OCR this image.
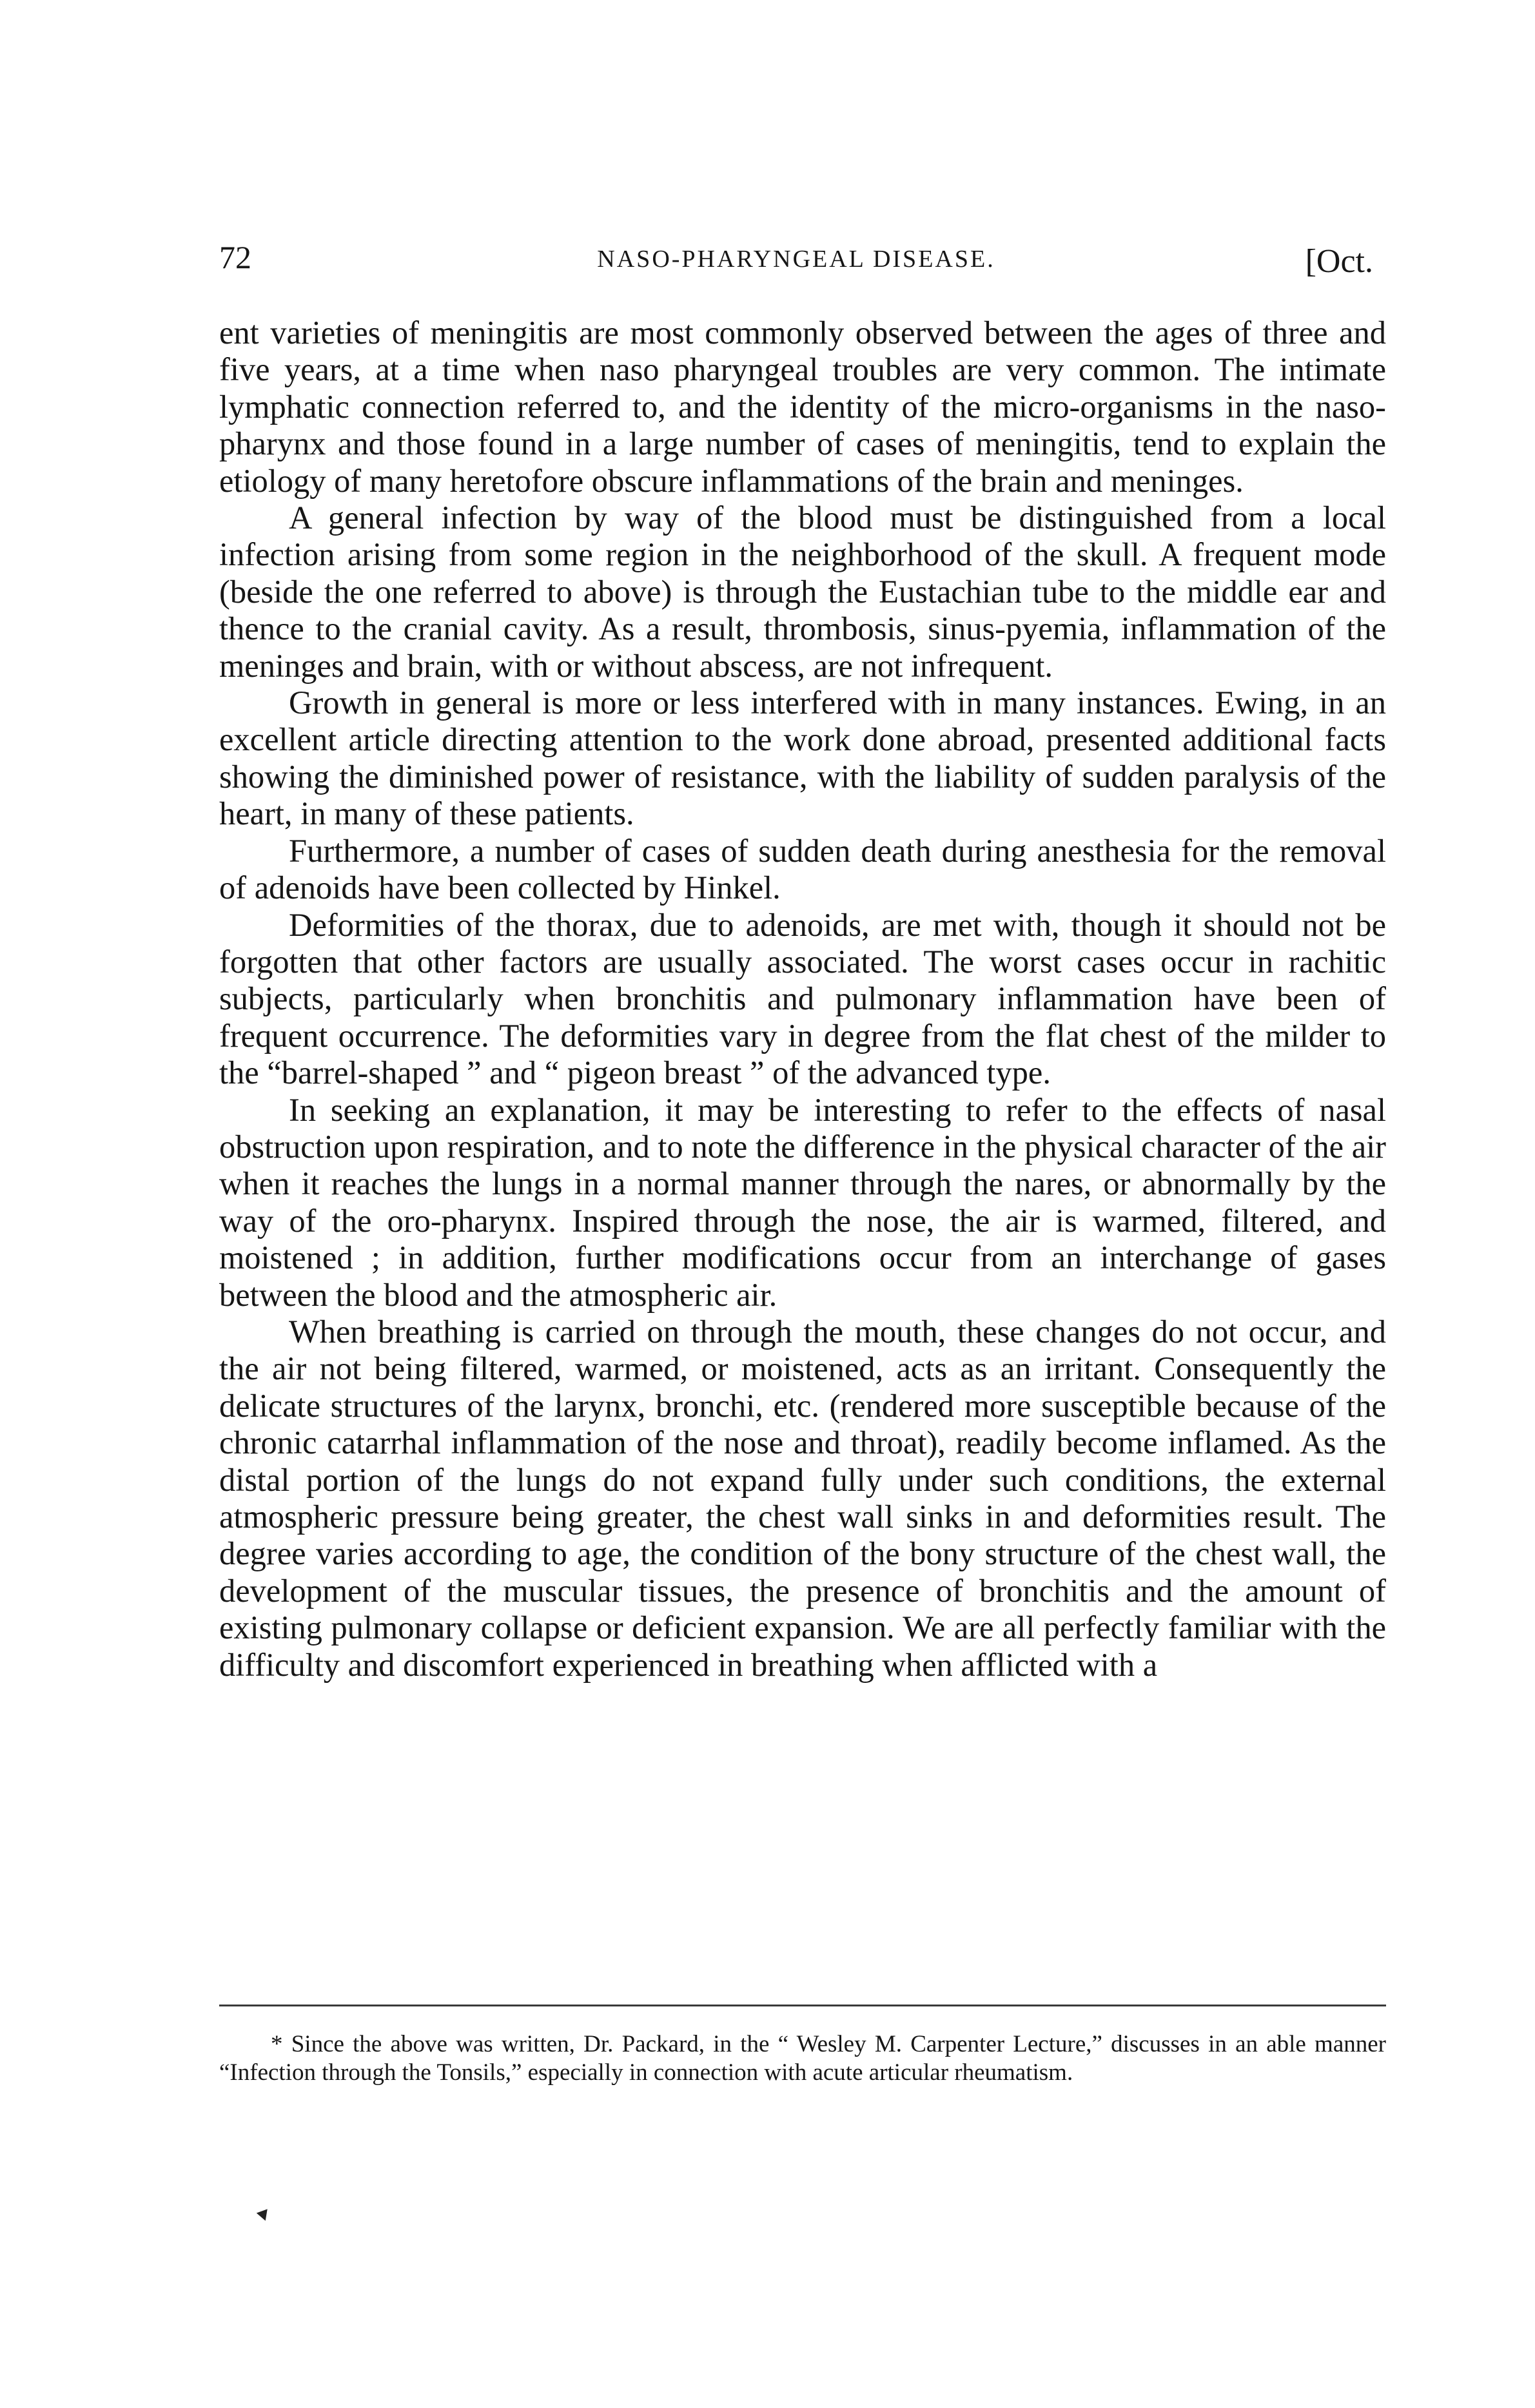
72	NASO-PHARYNGEAL DISEASE.	[Oct.

ent varieties of meningitis are most commonly observed between the ages of three and five years, at a time when naso pharyngeal troubles are very common. The intimate lymphatic connection referred to, and the identity of the micro-organisms in the naso-pharynx and those found in a large number of cases of meningitis, tend to explain the etiology of many heretofore obscure inflammations of the brain and meninges.

A general infection by way of the blood must be distinguished from a local infection arising from some region in the neighborhood of the skull. A frequent mode (beside the one referred to above) is through the Eustachian tube to the middle ear and thence to the cranial cavity. As a result, thrombosis, sinus-pyemia, inflammation of the meninges and brain, with or without abscess, are not infrequent.

Growth in general is more or less interfered with in many instances. Ewing, in an excellent article directing attention to the work done abroad, presented additional facts showing the diminished power of resistance, with the liability of sudden paralysis of the heart, in many of these patients.

Furthermore, a number of cases of sudden death during anesthesia for the removal of adenoids have been collected by Hinkel.

Deformities of the thorax, due to adenoids, are met with, though it should not be forgotten that other factors are usually associated. The worst cases occur in rachitic subjects, particularly when bronchitis and pulmonary inflammation have been of frequent occurrence. The deformities vary in degree from the flat chest of the milder to the “barrel-shaped ” and “ pigeon breast ” of the advanced type.

In seeking an explanation, it may be interesting to refer to the effects of nasal obstruction upon respiration, and to note the difference in the physical character of the air when it reaches the lungs in a normal manner through the nares, or abnormally by the way of the oro-pharynx. Inspired through the nose, the air is warmed, filtered, and moistened ; in addition, further modifications occur from an interchange of gases between the blood and the atmospheric air.

When breathing is carried on through the mouth, these changes do not occur, and the air not being filtered, warmed, or moistened, acts as an irritant. Consequently the delicate structures of the larynx, bronchi, etc. (rendered more susceptible because of the chronic catarrhal inflammation of the nose and throat), readily become inflamed. As the distal portion of the lungs do not expand fully under such conditions, the external atmospheric pressure being greater, the chest wall sinks in and deformities result. The degree varies according to age, the condition of the bony structure of the chest wall, the development of the muscular tissues, the presence of bronchitis and the amount of existing pulmonary collapse or deficient expansion. We are all perfectly familiar with the difficulty and discomfort experienced in breathing when afflicted with a

* Since the above was written, Dr. Packard, in the “ Wesley M. Carpenter Lecture,” discusses in an able manner “Infection through the Tonsils,” especially in connection with acute articular rheumatism.
